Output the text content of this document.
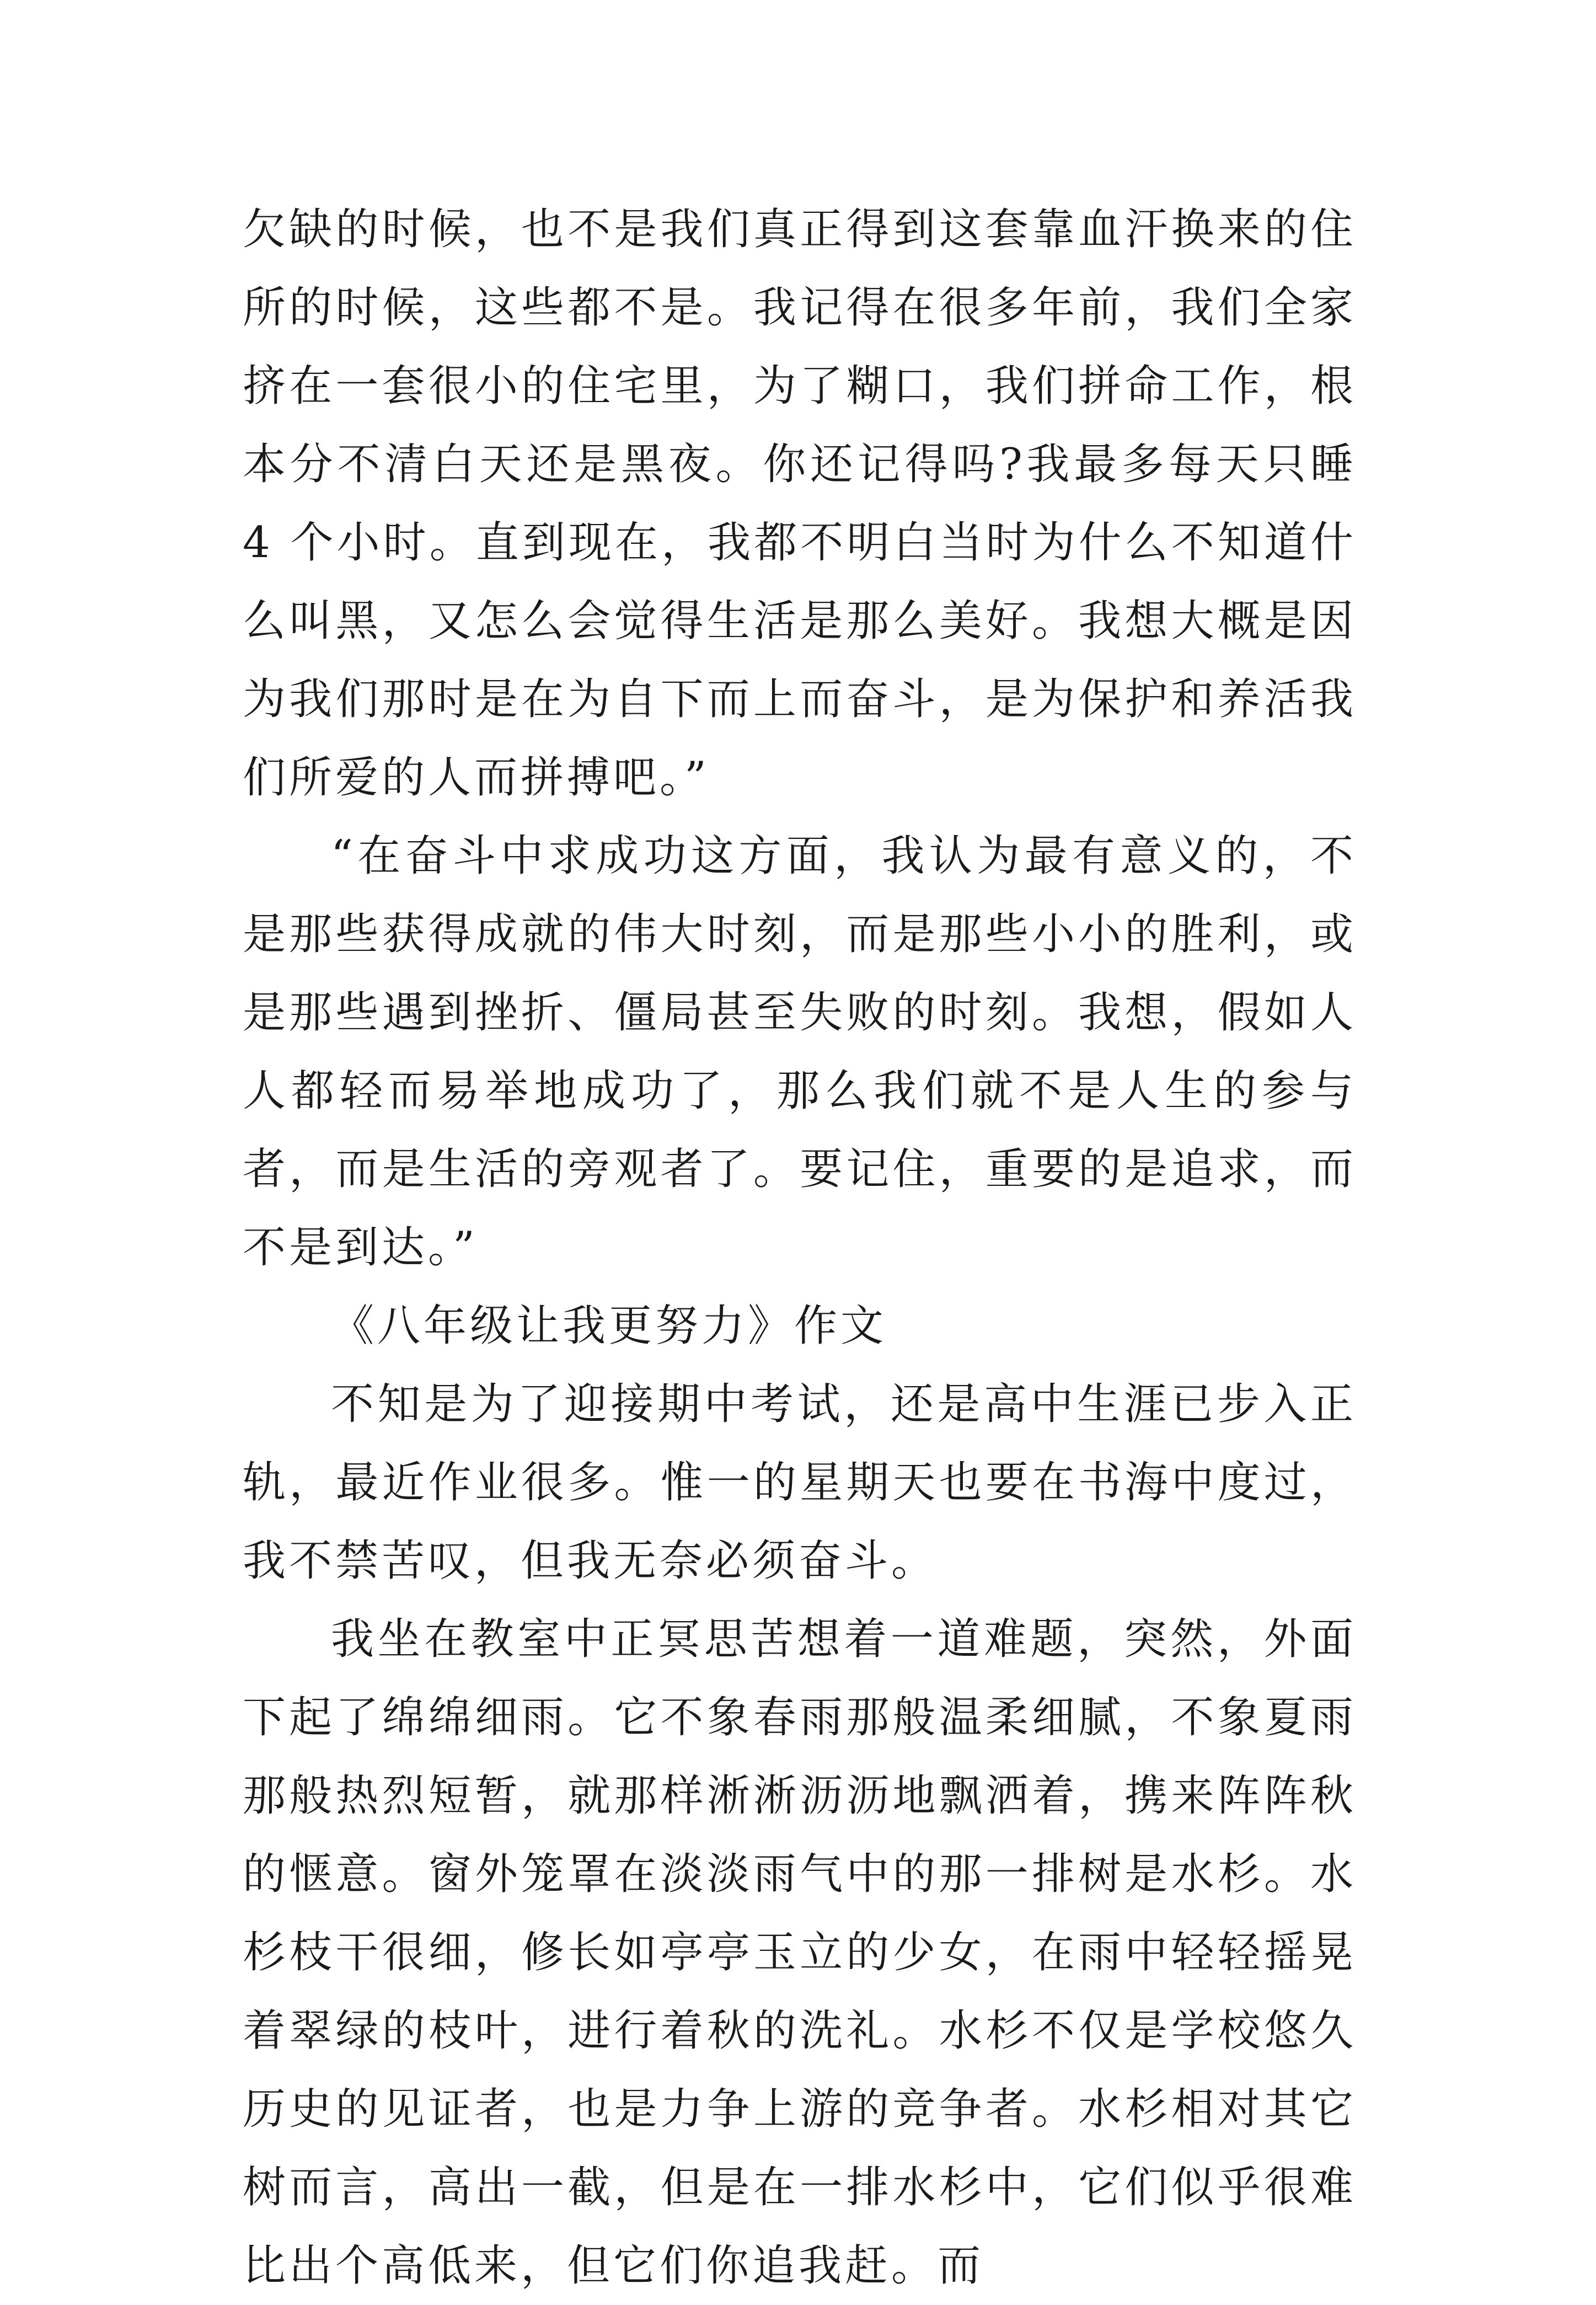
欠缺的时候，也不是我们真正得到这套靠血汗换来的住所的时候，这些都不是。我记得在很多年前，我们全家挤在一套很小的住宅里，为了糊口，我们拼命工作，根本分不清白天还是黑夜。你还记得吗?我最多每天只睡 4 个小时。直到现在，我都不明白当时为什么不知道什么叫黑，又怎么会觉得生活是那么美好。我想大概是因为我们那时是在为自下而上而奋斗，是为保护和养活我们所爱的人而拼搏吧。”

“在奋斗中求成功这方面，我认为最有意义的，不是那些获得成就的伟大时刻，而是那些小小的胜利，或是那些遇到挫折、僵局甚至失败的时刻。我想，假如人人都轻而易举地成功了，那么我们就不是人生的参与者，而是生活的旁观者了。要记住，重要的是追求，而不是到达。”

《八年级让我更努力》作文

不知是为了迎接期中考试，还是高中生涯已步入正轨，最近作业很多。惟一的星期天也要在书海中度过，我不禁苦叹，但我无奈必须奋斗。

我坐在教室中正冥思苦想着一道难题，突然，外面下起了绵绵细雨。它不象春雨那般温柔细腻，不象夏雨那般热烈短暂，就那样淅淅沥沥地飘洒着，携来阵阵秋的惬意。窗外笼罩在淡淡雨气中的那一排树是水杉。水杉枝干很细，修长如亭亭玉立的少女，在雨中轻轻摇晃着翠绿的枝叶，进行着秋的洗礼。水杉不仅是学校悠久历史的见证者，也是力争上游的竞争者。水杉相对其它树而言，高出一截，但是在一排水杉中，它们似乎很难比出个高低来，但它们你追我赶。而
